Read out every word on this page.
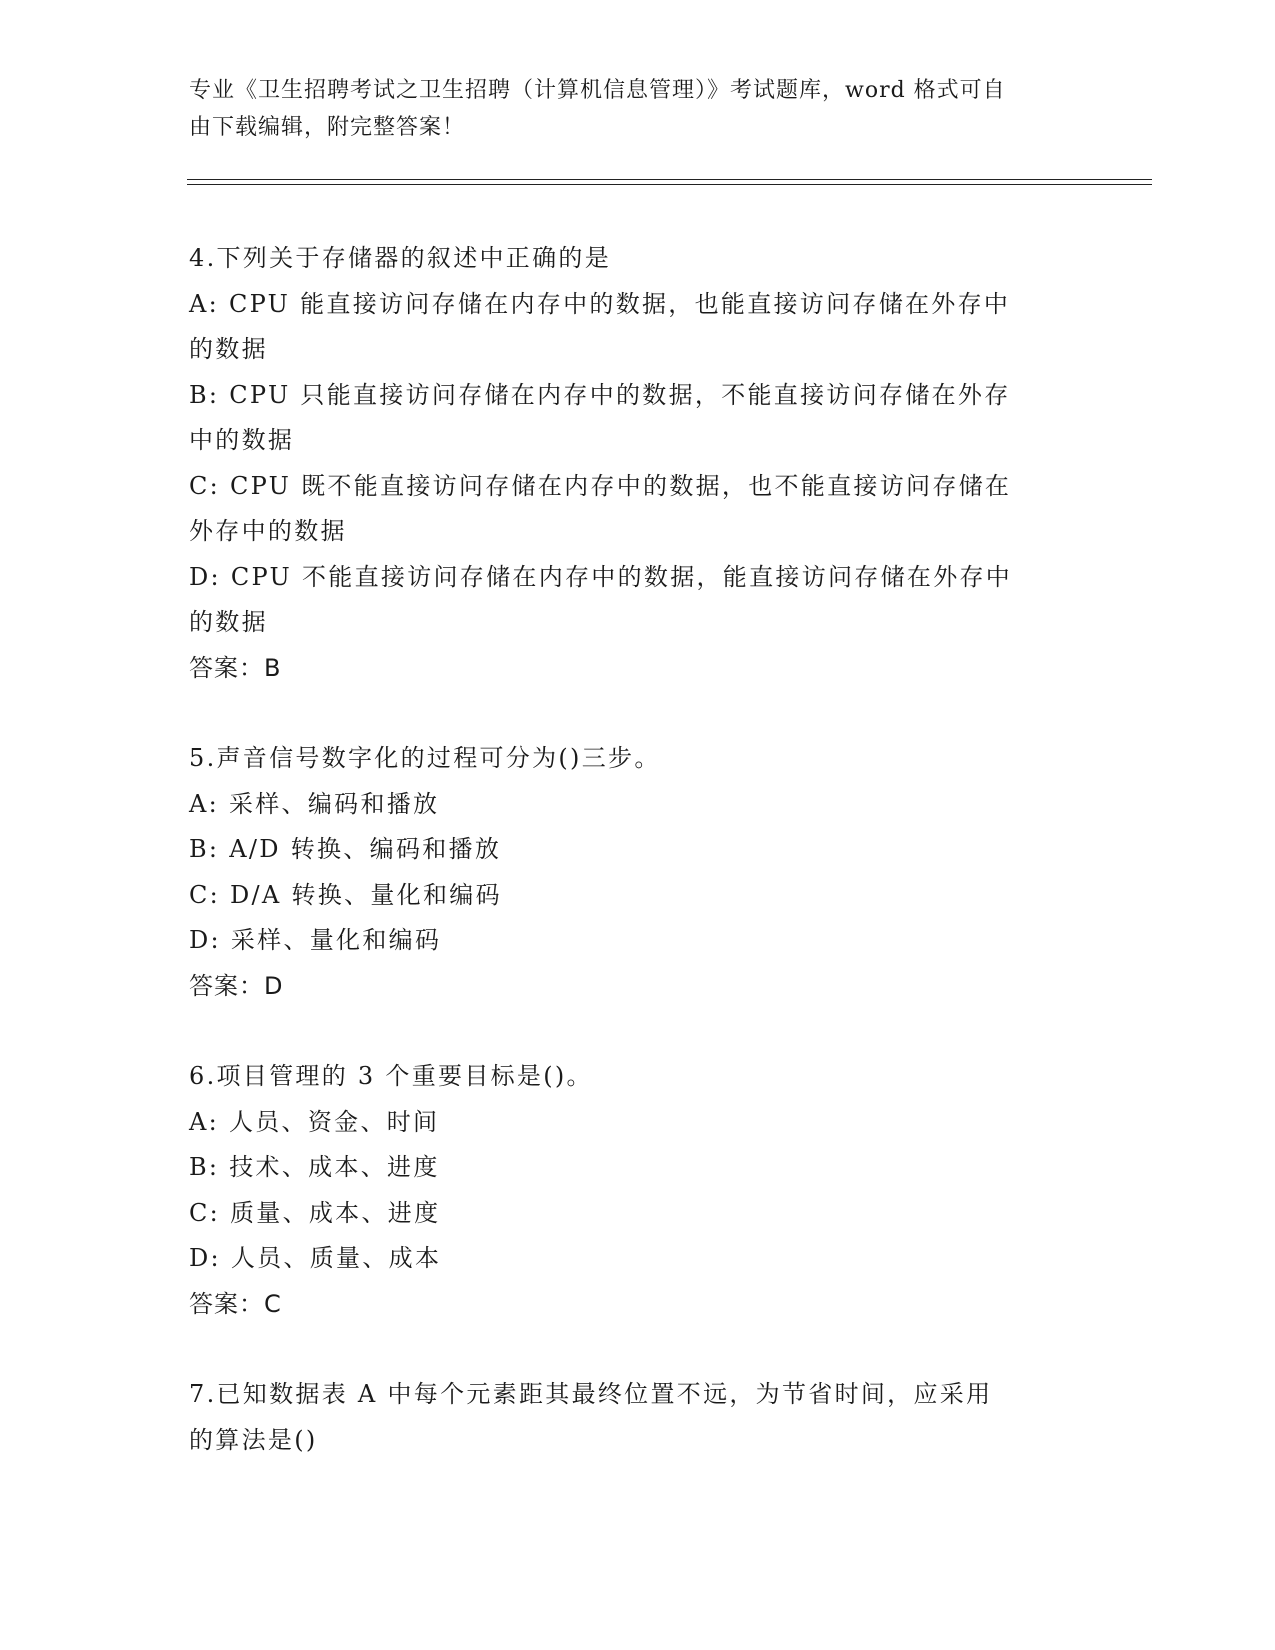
专业《卫生招聘考试之卫生招聘（计算机信息管理）》考试题库，word 格式可自
由下载编辑，附完整答案！
4.下列关于存储器的叙述中正确的是
A: CPU 能直接访问存储在内存中的数据，也能直接访问存储在外存中
的数据
B: CPU 只能直接访问存储在内存中的数据，不能直接访问存储在外存
中的数据
C: CPU 既不能直接访问存储在内存中的数据，也不能直接访问存储在
外存中的数据
D: CPU 不能直接访问存储在内存中的数据，能直接访问存储在外存中
的数据
答案：B
5.声音信号数字化的过程可分为()三步。
A: 采样、编码和播放
B: A/D 转换、编码和播放
C: D/A 转换、量化和编码
D: 采样、量化和编码
答案：D
6.项目管理的 3 个重要目标是()。
A: 人员、资金、时间
B: 技术、成本、进度
C: 质量、成本、进度
D: 人员、质量、成本
答案：C
7.已知数据表 A 中每个元素距其最终位置不远，为节省时间，应采用
的算法是()
